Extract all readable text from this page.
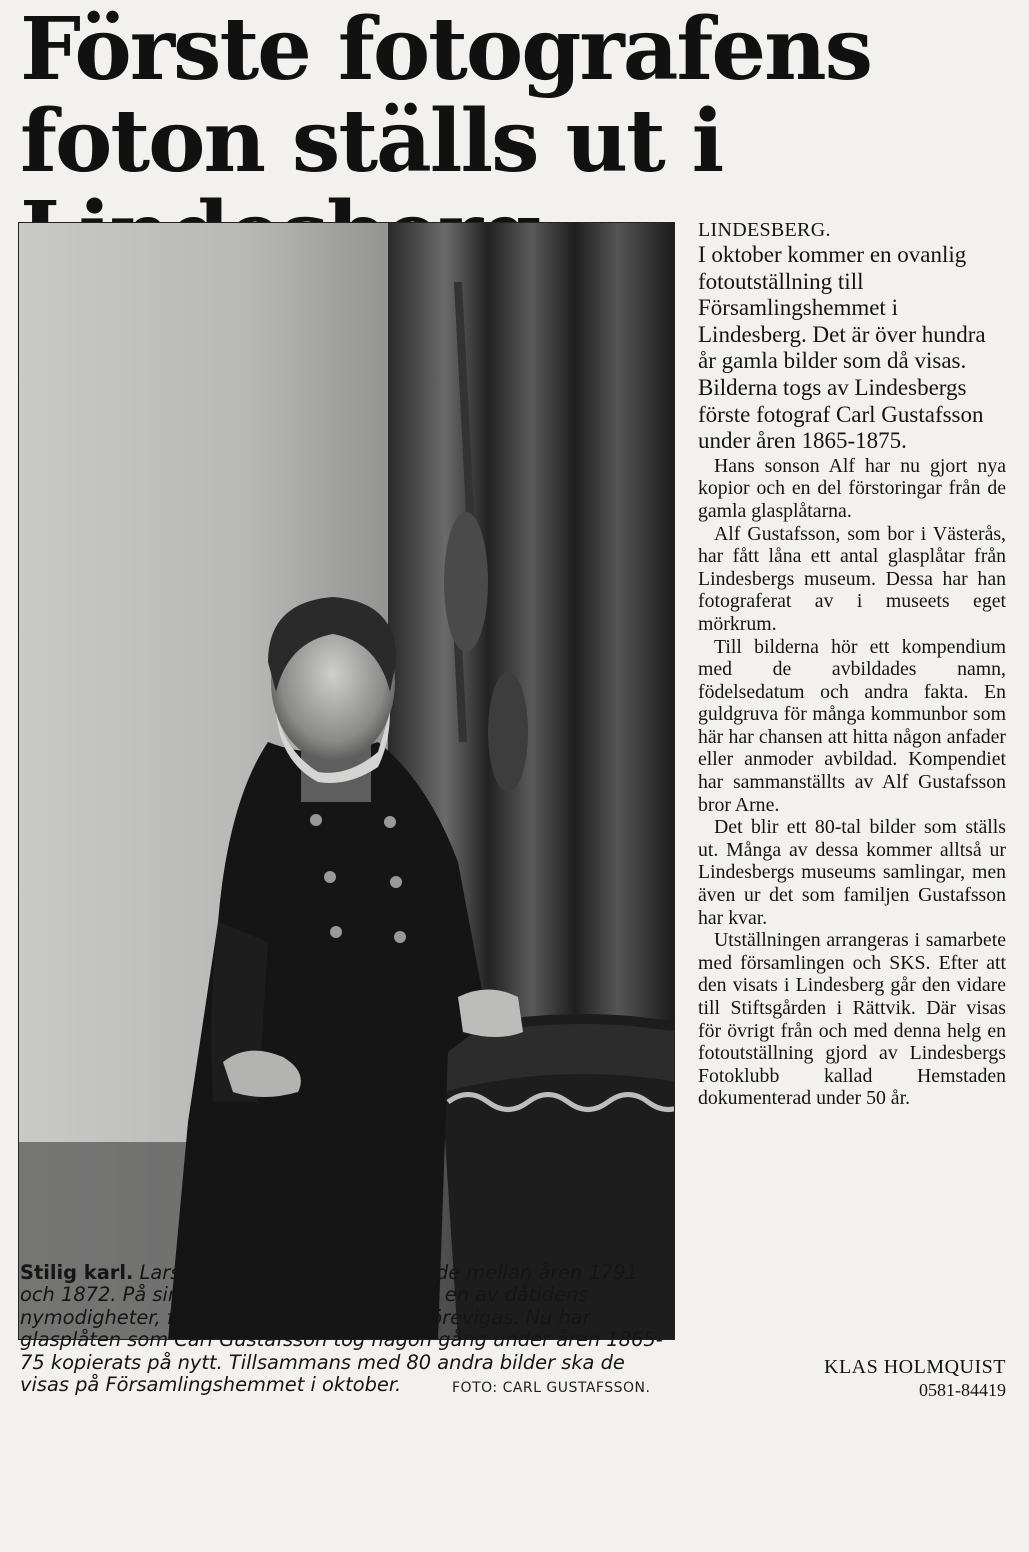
Förste fotografens foton ställs ut i

Stilig karl. Lars Jansson, Nederhyttan, levde mellan åren 1791 och 1872. På sin ålders höst sökte han upp en av dåtidens nymodigheter, fotografen, för att låta sig förevigas. Nu har glasplåten som Carl Gustafsson tog någon gång under åren 1865-75 kopierats på nytt. Tillsammans med 80 andra bilder ska de visas på Församlingshemmet i oktober.	FOTO: CARL GUSTAFSSON.

LINDESBERG.

I oktober kommer en ovanlig fotoutställning till Församlingshemmet i Lindesberg. Det är över hundra år gamla bilder som då visas. Bilderna togs av Lindesbergs förste fotograf Carl Gustafsson under åren 1865-1875.

Hans sonson Alf har nu gjort nya kopior och en del förstoringar från de gamla glasplåtarna.

Alf Gustafsson, som bor i Västerås, har fått låna ett antal glasplåtar från Lindesbergs museum. Dessa har han fotograferat av i museets eget mörkrum.

Till bilderna hör ett kompendium med de avbildades namn, födelsedatum och andra fakta. En guldgruva för många kommunbor som här har chansen att hitta någon anfader eller anmoder avbildad. Kompendiet har sammanställts av Alf Gustafsson bror Arne.

Det blir ett 80-tal bilder som ställs ut. Många av dessa kommer alltså ur Lindesbergs museums samlingar, men även ur det som familjen Gustafsson har kvar.

Utställningen arrangeras i samarbete med församlingen och SKS. Efter att den visats i Lindesberg går den vidare till Stiftsgården i Rättvik. Där visas för övrigt från och med denna helg en fotoutställning gjord av Lindesbergs Fotoklubb kallad Hemstaden dokumenterad under 50 år.

KLAS HOLMQUIST
0581-84419
